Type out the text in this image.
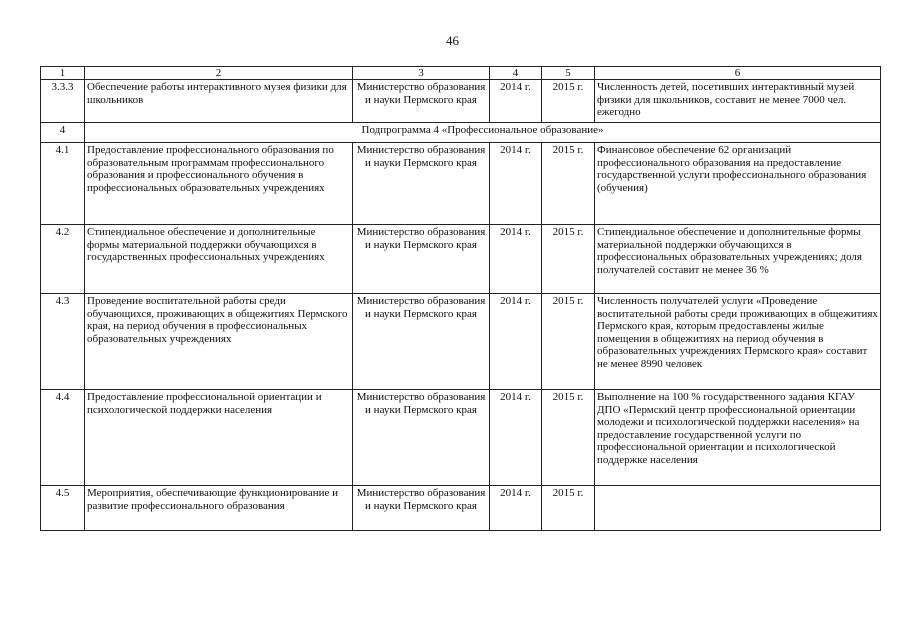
46
1	2	3	4	5	6
3.3.3	Обеспечение работы интерактивного музея физики для школьников	Министерство образования и науки Пермского края	2014 г.	2015 г.	Численность детей, посетивших интерактивный музей физики для школьников, составит не менее 7000 чел. ежегодно
4	Подпрограмма 4 «Профессиональное образование»				
4.1	Предоставление профессионального образования по образовательным программам профессионального образования и профессионального обучения в профессиональных образовательных учреждениях	Министерство образования и науки Пермского края	2014 г.	2015 г.	Финансовое обеспечение 62 организаций профессионального образования на предоставление государственной услуги профессионального образования (обучения)
4.2	Стипендиальное обеспечение и дополнительные формы материальной поддержки обучающихся в государственных профессиональных учреждениях	Министерство образования и науки Пермского края	2014 г.	2015 г.	Стипендиальное обеспечение и дополнительные формы материальной поддержки обучающихся в профессиональных образовательных учреждениях; доля получателей составит не менее 36 %
4.3	Проведение воспитательной работы среди обучающихся, проживающих в общежитиях Пермского края, на период обучения в профессиональных образовательных учреждениях	Министерство образования и науки Пермского края	2014 г.	2015 г.	Численность получателей услуги «Проведение воспитательной работы среди проживающих в общежитиях Пермского края, которым предоставлены жилые помещения в общежитиях на период обучения в образовательных учреждениях Пермского края» составит не менее 8990 человек
4.4	Предоставление профессиональной ориентации и психологической поддержки населения	Министерство образования и науки Пермского края	2014 г.	2015 г.	Выполнение на 100 % государственного задания КГАУ ДПО «Пермский центр профессиональной ориентации молодежи и психологической поддержки населения» на предоставление государственной услуги по профессиональной ориентации и психологической поддержке населения
4.5	Мероприятия, обеспечивающие функционирование и развитие профессионального образования	Министерство образования и науки Пермского края	2014 г.	2015 г.	
